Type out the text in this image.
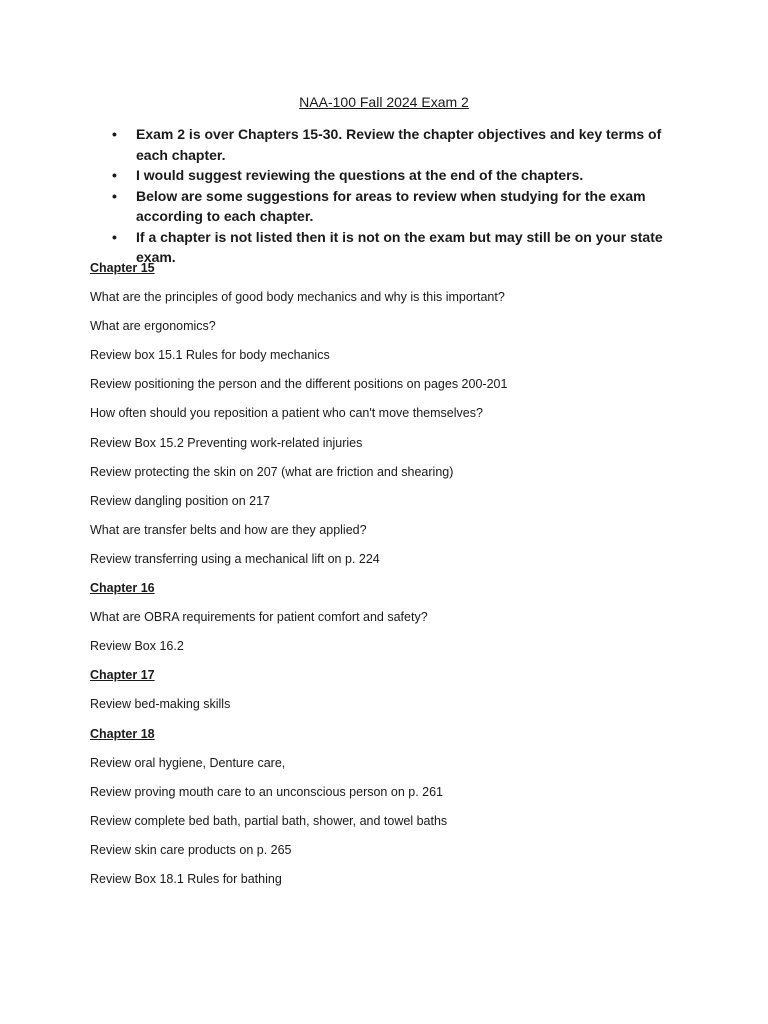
NAA-100 Fall 2024 Exam 2
• Exam 2 is over Chapters 15-30. Review the chapter objectives and key terms of each chapter.
• I would suggest reviewing the questions at the end of the chapters.
• Below are some suggestions for areas to review when studying for the exam according to each chapter.
• If a chapter is not listed then it is not on the exam but may still be on your state exam.

Chapter 15

What are the principles of good body mechanics and why is this important?

What are ergonomics?

Review box 15.1 Rules for body mechanics

Review positioning the person and the different positions on pages 200-201

How often should you reposition a patient who can't move themselves?

Review Box 15.2 Preventing work-related injuries

Review protecting the skin on 207 (what are friction and shearing)

Review dangling position on 217

What are transfer belts and how are they applied?

Review transferring using a mechanical lift on p. 224

Chapter 16

What are OBRA requirements for patient comfort and safety?

Review Box 16.2

Chapter 17

Review bed-making skills

Chapter 18

Review oral hygiene, Denture care,

Review proving mouth care to an unconscious person on p. 261

Review complete bed bath, partial bath, shower, and towel baths

Review skin care products on p. 265

Review Box 18.1 Rules for bathing
